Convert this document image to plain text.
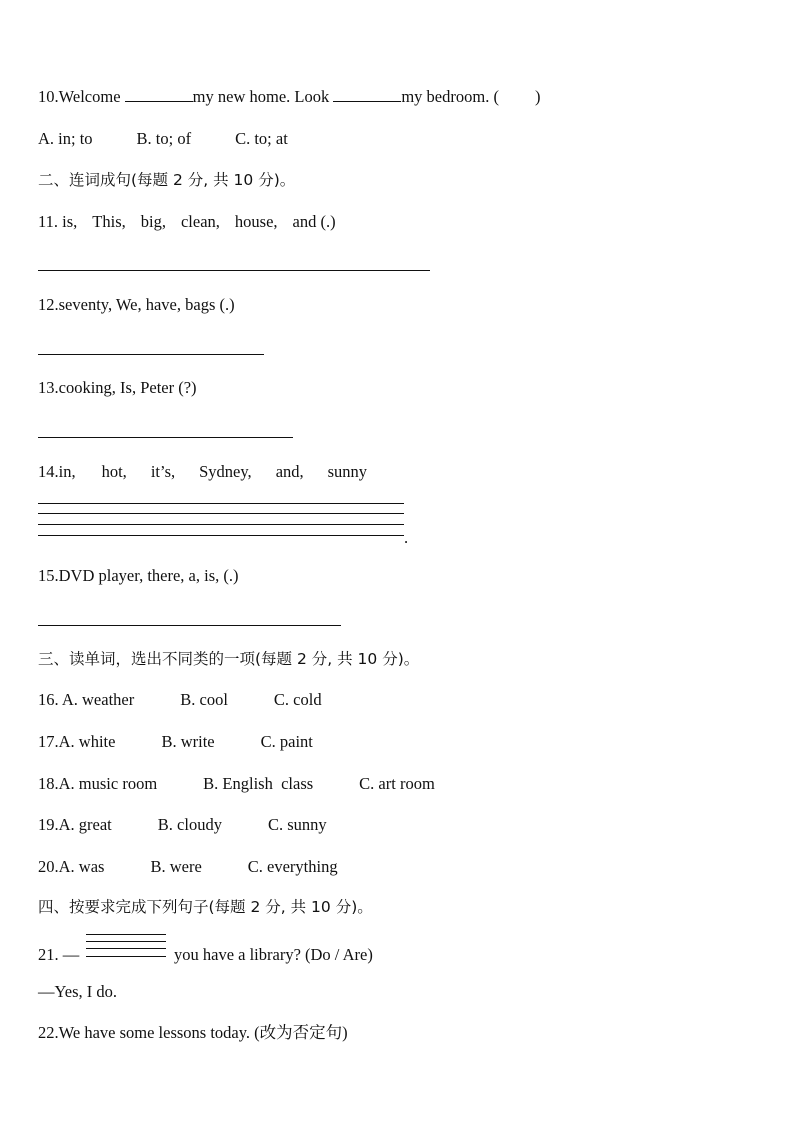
10.Welcome	my new home. Look	my bedroom. ( )
A. in; to	B. to; of	C. to; at
二、连词成句(每题 2 分, 共 10 分)。
11. is, This, big, clean, house, and (.)
12.seventy, We, have, bags (.)
13.cooking, Is, Peter (?)
14.in, hot, it’s, Sydney, and, sunny
.
15.DVD player, there, a, is, (.)
三、读单词，选出不同类的一项(每题 2 分, 共 10 分)。
16. A. weather	B. cool	C. cold
17.A. white	B. write	C. paint
18.A. music room	B. English  class	C. art room
19.A. great	B. cloudy	C. sunny
20.A. was	B. were	C. everything
四、按要求完成下列句子(每题 2 分, 共 10 分)。
21. —	you have a library? (Do / Are)
—Yes, I do.
22.We have some lessons today. (改为否定句)
